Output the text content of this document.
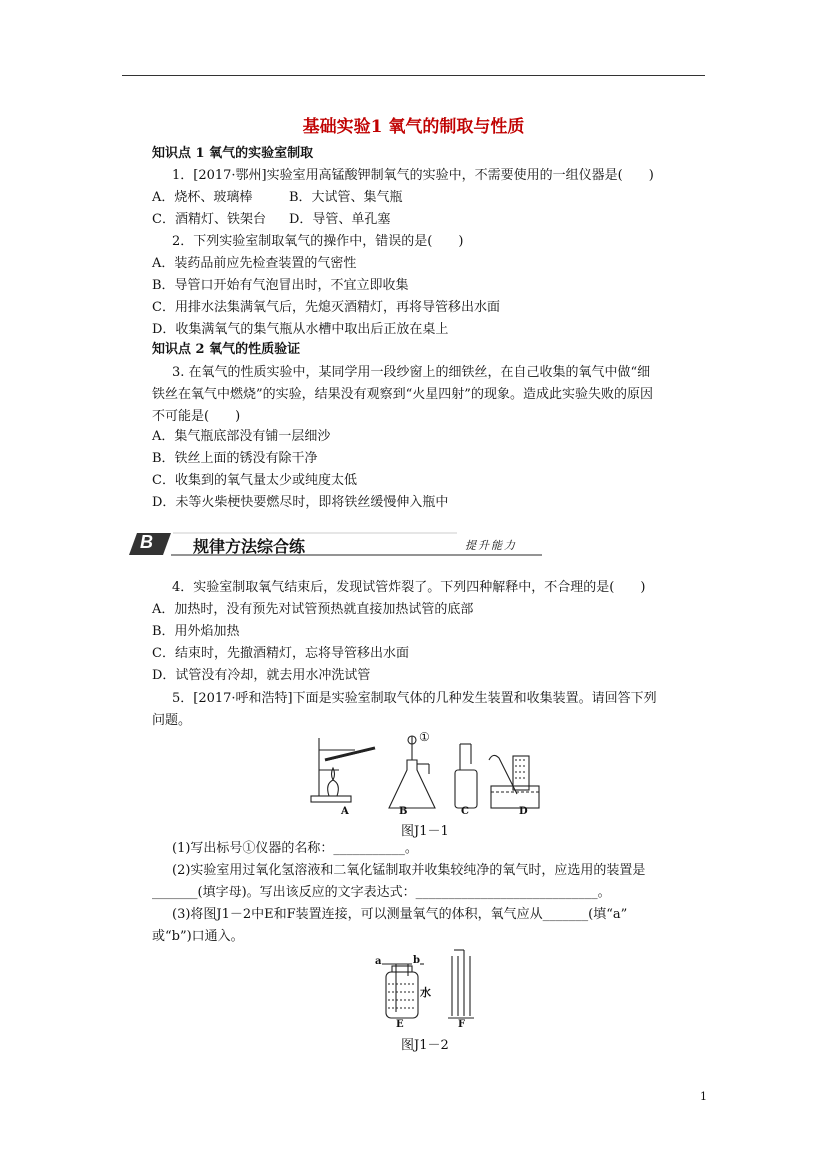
基础实验1 氧气的制取与性质
知识点 1 氧气的实验室制取
1．[2017·鄂州]实验室用高锰酸钾制氧气的实验中，不需要使用的一组仪器是(　　)
A．烧杯、玻璃棒	B．大试管、集气瓶
C．酒精灯、铁架台 D．导管、单孔塞
2．下列实验室制取氧气的操作中，错误的是(　　)
A．装药品前应先检查装置的气密性
B．导管口开始有气泡冒出时，不宜立即收集
C．用排水法集满氧气后，先熄灭酒精灯，再将导管移出水面
D．收集满氧气的集气瓶从水槽中取出后正放在桌上
知识点 2 氧气的性质验证
3. 在氧气的性质实验中，某同学用一段纱窗上的细铁丝，在自己收集的氧气中做“细
铁丝在氧气中燃烧”的实验，结果没有观察到“火星四射”的现象。造成此实验失败的原因
不可能是(　　)
A．集气瓶底部没有铺一层细沙
B．铁丝上面的锈没有除干净
C．收集到的氧气量太少或纯度太低
D．未等火柴梗快要燃尽时，即将铁丝缓慢伸入瓶中
B	规律方法综合练	提升能力
4．实验室制取氧气结束后，发现试管炸裂了。下列四种解释中，不合理的是(　　)
A．加热时，没有预先对试管预热就直接加热试管的底部
B．用外焰加热
C．结束时，先撤酒精灯，忘将导管移出水面
D．试管没有冷却，就去用水冲洗试管
5．[2017·呼和浩特]下面是实验室制取气体的几种发生装置和收集装置。请回答下列
问题。
A	B	C	D
①
图J1－1
(1)写出标号①仪器的名称：___________。
(2)实验室用过氧化氢溶液和二氧化锰制取并收集较纯净的氧气时，应选用的装置是
_______(填字母)。写出该反应的文字表达式：____________________________。
(3)将图J1－2中E和F装置连接，可以测量氧气的体积，氧气应从_______(填“a”
或“b”)口通入。
a	b
水
E	F
图J1－2
1
